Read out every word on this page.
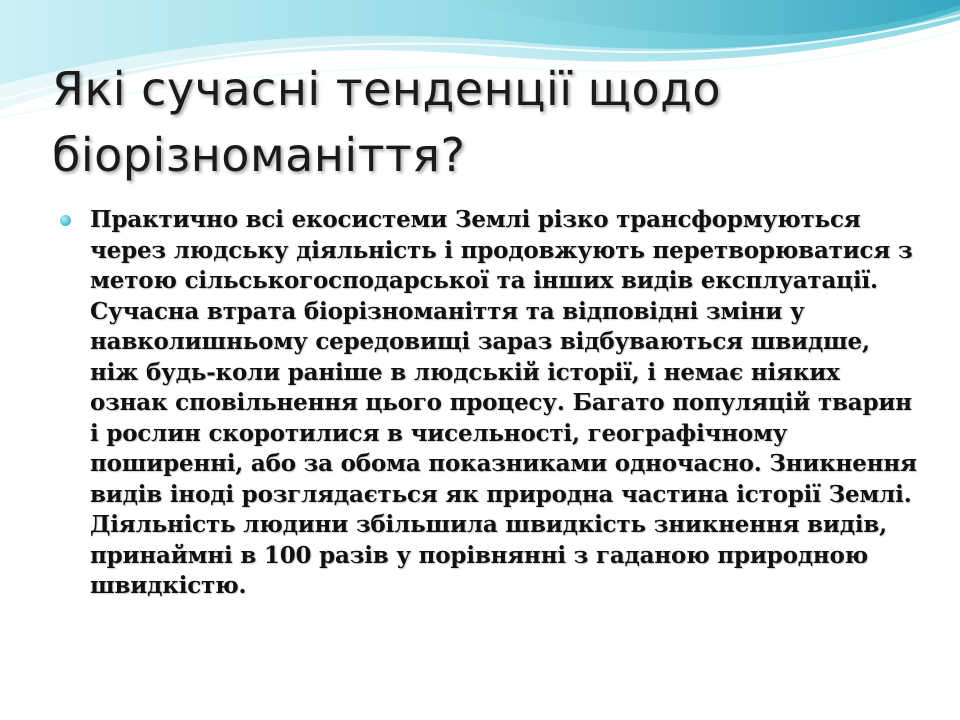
Які сучасні тенденції щодо біорізноманіття?

Практично всі екосистеми Землі різко трансформуються через людську діяльність і продовжують перетворюватися з метою сільськогосподарської та інших видів експлуатації. Сучасна втрата біорізноманіття та відповідні зміни у навколишньому середовищі зараз відбуваються швидше, ніж будь-коли раніше в людській історії, і немає ніяких ознак сповільнення цього процесу. Багато популяцій тварин і рослин скоротилися в чисельності, географічному поширенні, або за обома показниками одночасно. Зникнення видів іноді розглядається як природна частина історії Землі. Діяльність людини збільшила швидкість зникнення видів, принаймні в 100 разів у порівнянні з гаданою природною швидкістю.
